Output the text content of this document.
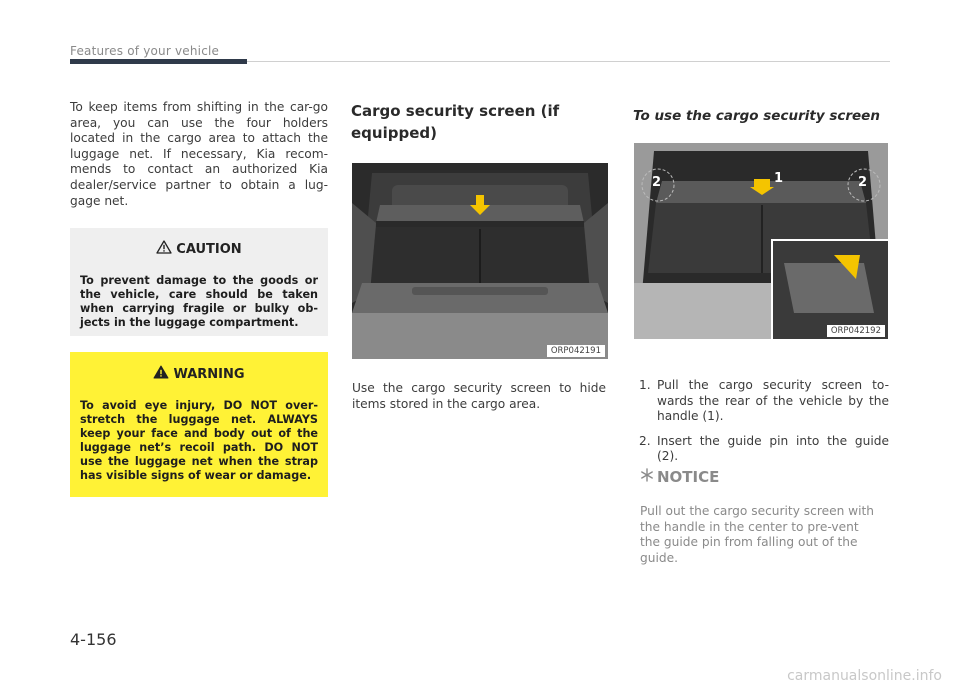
Features of your vehicle

To keep items from shifting in the car-go area, you can use the four holders located in the cargo area to attach the luggage net. If necessary, Kia recom-mends to contact an authorized Kia dealer/service partner to obtain a lug-gage net.

CAUTION

To prevent damage to the goods or the vehicle, care should be taken when carrying fragile or bulky ob-jects in the luggage compartment.

WARNING

To avoid eye injury, DO NOT over-stretch the luggage net. ALWAYS keep your face and body out of the luggage net’s recoil path. DO NOT use the luggage net when the strap has visible signs of wear or damage.

Cargo security screen (if
equipped)
ORP042191

Use the cargo security screen to hide items stored in the cargo area.

To use the cargo security screen
2	1	2
ORP042192
1. Pull the cargo security screen to-wards the rear of the vehicle by the handle (1).
2. Insert the guide pin into the guide (2).
NOTICE

Pull out the cargo security screen with the handle in the center to pre-vent the guide pin from falling out of the guide.

4-156
carmanualsonline.info
